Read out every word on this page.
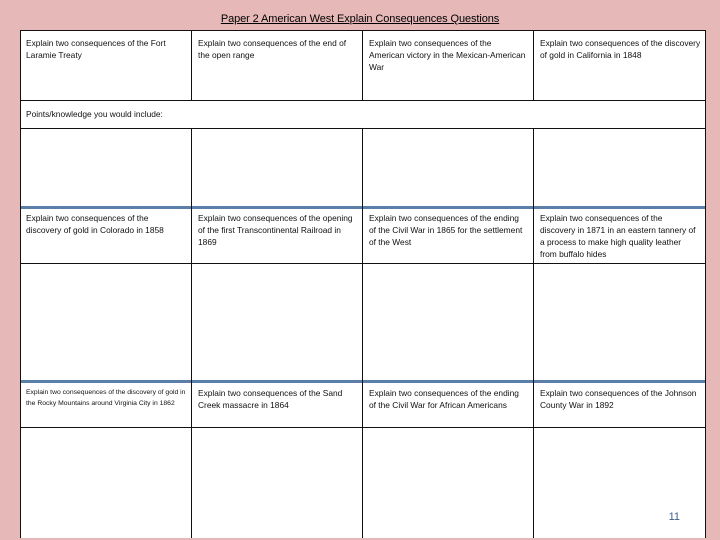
Paper 2 American West Explain Consequences Questions
Explain two consequences of the Fort Laramie Treaty
Explain two consequences of the end of the open range
Explain two consequences of the American victory in the Mexican-American War
Explain two consequences of the discovery of gold in California in 1848
Points/knowledge you would include:
Explain two consequences of the discovery of gold in Colorado in 1858
Explain two consequences of the opening of the first Transcontinental Railroad in 1869
Explain two consequences of the ending of the Civil War in 1865 for the settlement of the West
Explain two consequences of the discovery in 1871 in an eastern tannery of a process to make high quality leather from buffalo hides
Explain two consequences of the discovery of gold in the Rocky Mountains around Virginia City in 1862
Explain two consequences of the Sand Creek massacre in 1864
Explain two consequences of the ending of the Civil War for African Americans
Explain two consequences of the Johnson County War in 1892
11
